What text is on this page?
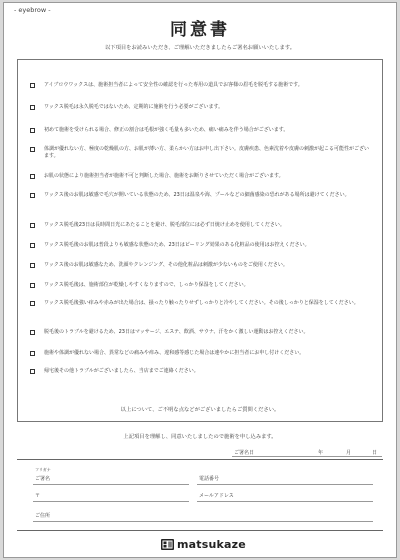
- eyebrow -
同意書
以下項目をお読みいただき、ご理解いただきましたらご署名お願いいたします。
アイブロウワックスは、施術担当者によって安全性の確認を行った専用の道具でお客様の眉毛を脱毛する施術です。
ワックス脱毛は永久脱毛ではないため、定期的に施術を行う必要がございます。
初めて施術を受けられる場合、修正の割合は毛根が強く毛量も多いため、痛い痛みを伴う場合がございます。
体調が優れない方、極度の乾燥肌の方、お肌が薄い方、柔らかい方はお申し出下さい。皮膚疾患、色素沈着や皮膚の刺激が起こる可能性がございます。
お肌の状態により施術担当者が施術不可と判断した場合、施術をお断りさせていただく場合がございます。
ワックス後のお肌は敏感で毛穴が開いている状態のため、23日は温泉や海、プールなどの細菌感染の恐れがある場所は避けてください。
ワックス脱毛後23日は長時間日光にあたることを避け、脱毛部位には必ず日焼け止めを使用してください。
ワックス脱毛後のお肌は普段よりも敏感な状態のため、23日はピーリング効果のある化粧品の使用はお控えください。
ワックス後のお肌は敏感なため、洗顔やクレンジング、その他化粧品は刺激が少ないものをご使用ください。
ワックス脱毛後は、施術部位が乾燥しやすくなりますので、しっかり保湿をしてください。
ワックス脱毛後強い痒みや赤みが出た場合は、掻ったり触ったりせずしっかりと冷やしてください。その後しっかりと保湿をしてください。
脱毛後のトラブルを避けるため、23日はマッサージ、エステ、飲酒、サウナ、汗をかく激しい運動はお控えください。
施術や体調が優れない場合、異常などの痛みや痒み、違和感等感じた場合は速やかに担当者にお申し付けください。
帰宅後その他トラブルがございましたら、当店までご連絡ください。
以上について、ご不明な点などがございましたらご質問ください。
上記項目を理解し、同意いたしましたので施術を申し込みます。
ご署名日	年	月	日
フリガナ
ご署名	電話番号
〒	メールアドレス
ご住所
matsukaze
